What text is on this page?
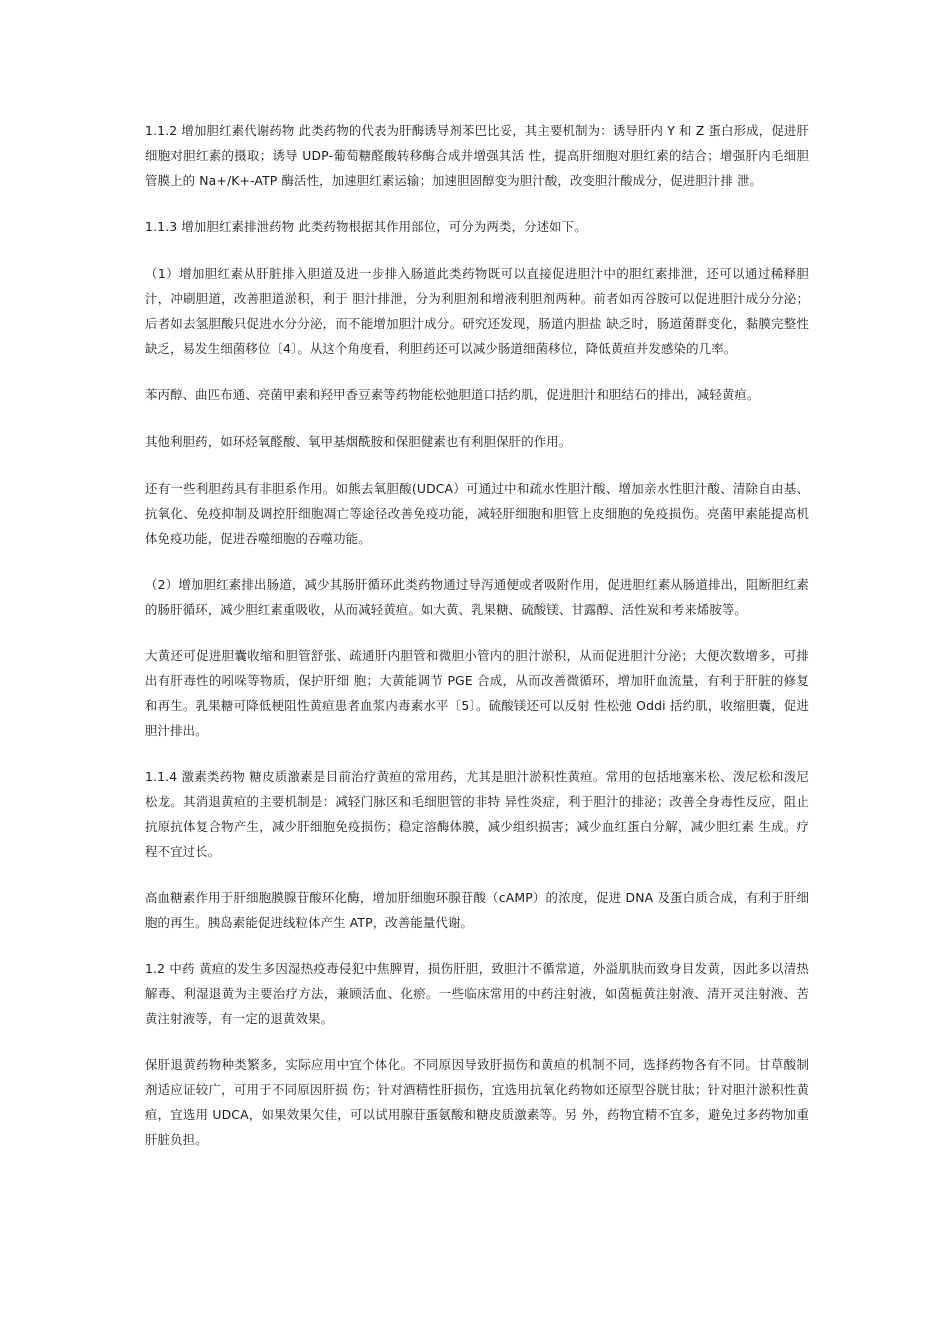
1.1.2 增加胆红素代谢药物 此类药物的代表为肝酶诱导剂苯巴比妥，其主要机制为：诱导肝内 Y 和 Z 蛋白形成，促进肝细胞对胆红素的摄取；诱导 UDP-葡萄糖醛酸转移酶合成并增强其活 性，提高肝细胞对胆红素的结合；增强肝内毛细胆管膜上的 Na+/K+-ATP 酶活性，加速胆红素运输；加速胆固醇变为胆汁酸，改变胆汁酸成分，促进胆汁排 泄。

1.1.3 增加胆红素排泄药物 此类药物根据其作用部位，可分为两类，分述如下。

（1）增加胆红素从肝脏排入胆道及进一步排入肠道此类药物既可以直接促进胆汁中的胆红素排泄，还可以通过稀释胆汁，冲刷胆道，改善胆道淤积，利于 胆汁排泄，分为利胆剂和增液利胆剂两种。前者如丙谷胺可以促进胆汁成分分泌；后者如去氢胆酸只促进水分分泌，而不能增加胆汁成分。研究还发现，肠道内胆盐 缺乏时，肠道菌群变化，黏膜完整性缺乏，易发生细菌移位〔4〕。从这个角度看，利胆药还可以减少肠道细菌移位，降低黄疸并发感染的几率。

苯丙醇、曲匹布通、亮菌甲素和羟甲香豆素等药物能松弛胆道口括约肌，促进胆汁和胆结石的排出，减轻黄疸。

其他利胆药，如环烃氧醛酸、氧甲基烟酰胺和保胆健素也有利胆保肝的作用。

还有一些利胆药具有非胆系作用。如熊去氧胆酸(UDCA）可通过中和疏水性胆汁酸、增加亲水性胆汁酸、清除自由基、抗氧化、免疫抑制及调控肝细胞凋亡等途径改善免疫功能，减轻肝细胞和胆管上皮细胞的免疫损伤。亮菌甲素能提高机体免疫功能，促进吞噬细胞的吞噬功能。

（2）增加胆红素排出肠道，减少其肠肝循环此类药物通过导泻通便或者吸附作用，促进胆红素从肠道排出，阻断胆红素的肠肝循环，减少胆红素重吸收，从而减轻黄疸。如大黄、乳果糖、硫酸镁、甘露醇、活性炭和考来烯胺等。

大黄还可促进胆囊收缩和胆管舒张、疏通肝内胆管和微胆小管内的胆汁淤积，从而促进胆汁分泌；大便次数增多，可排出有肝毒性的吲哚等物质，保护肝细 胞；大黄能调节 PGE 合成，从而改善微循环，增加肝血流量，有利于肝脏的修复和再生。乳果糖可降低梗阻性黄疸患者血浆内毒素水平〔5〕。硫酸镁还可以反射 性松弛 Oddi 括约肌，收缩胆囊，促进胆汁排出。

1.1.4 激素类药物 糖皮质激素是目前治疗黄疸的常用药，尤其是胆汁淤积性黄疸。常用的包括地塞米松、泼尼松和泼尼松龙。其消退黄疸的主要机制是：减轻门脉区和毛细胆管的非特 异性炎症，利于胆汁的排泌；改善全身毒性反应，阻止抗原抗体复合物产生，减少肝细胞免疫损伤；稳定溶酶体膜，减少组织损害；减少血红蛋白分解，减少胆红素 生成。疗程不宜过长。

高血糖素作用于肝细胞膜腺苷酸环化酶，增加肝细胞环腺苷酸（cAMP）的浓度，促进 DNA 及蛋白质合成，有利于肝细胞的再生。胰岛素能促进线粒体产生 ATP，改善能量代谢。

1.2 中药 黄疸的发生多因湿热疫毒侵犯中焦脾胃，损伤肝胆，致胆汁不循常道，外溢肌肤而致身目发黄，因此多以清热解毒、利湿退黄为主要治疗方法，兼顾活血、化瘀。一些临床常用的中药注射液，如茵栀黄注射液、清开灵注射液、苦黄注射液等，有一定的退黄效果。

保肝退黄药物种类繁多，实际应用中宜个体化。不同原因导致肝损伤和黄疸的机制不同，选择药物各有不同。甘草酸制剂适应证较广，可用于不同原因肝损 伤；针对酒精性肝损伤，宜选用抗氧化药物如还原型谷胱甘肽；针对胆汁淤积性黄疸，宜选用 UDCA，如果效果欠佳，可以试用腺苷蛋氨酸和糖皮质激素等。另 外，药物宜精不宜多，避免过多药物加重肝脏负担。
